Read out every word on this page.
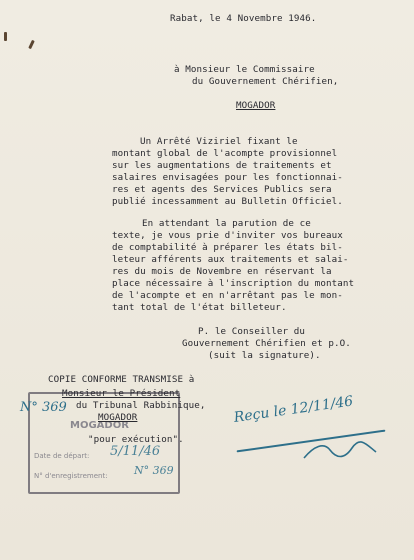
Rabat, le 4 Novembre 1946.
à Monsieur le Commissaire
du Gouvernement Chérifien,
MOGADOR
Un Arrêté Viziriel fixant le
montant global de l'acompte provisionnel
sur les augmentations de traitements et
salaires envisagées pour les fonctionnai-
res et agents des Services Publics sera
publié incessamment au Bulletin Officiel.
En attendant la parution de ce
texte, je vous prie d'inviter vos bureaux
de comptabilité à préparer les états bil-
leteur afférents aux traitements et salai-
res du mois de Novembre en réservant la
place nécessaire à l'inscription du montant
de l'acompte et en n'arrêtant pas le mon-
tant total de l'état billeteur.
P. le Conseiller du
Gouvernement Chérifien et p.O.
(suit la signature).
MOGADOR
Date de départ:
N° d'enregistrement:
5/11/46
N° 369
COPIE CONFORME TRANSMISE à
Monsieur le Président
du Tribunal Rabbinique,
MOGADOR
"pour exécution".
N° 369	Reçu le 12/11/46
